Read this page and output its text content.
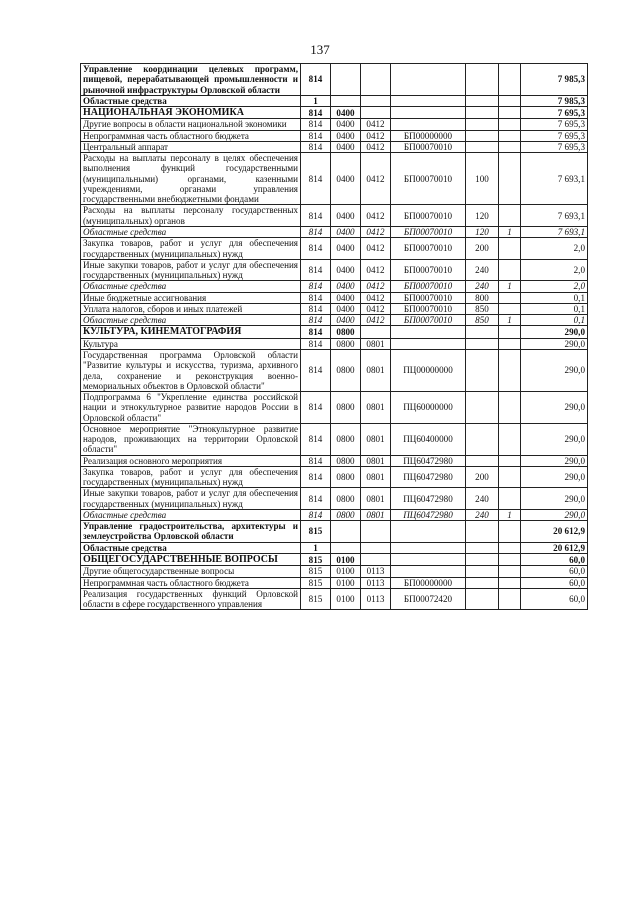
137
Управление координации целевых программ, пищевой, перерабатывающей промышленности и рыночной инфраструктуры Орловской области	814						7 985,3
Областные средства	1						7 985,3
НАЦИОНАЛЬНАЯ ЭКОНОМИКА	814	0400					7 695,3
Другие вопросы в области национальной экономики	814	0400	0412				7 695,3
Непрограммная часть областного бюджета	814	0400	0412	БП00000000			7 695,3
Центральный аппарат	814	0400	0412	БП00070010			7 695,3
Расходы на выплаты персоналу в целях обеспечения выполнения функций государственными (муниципальными) органами, казенными учреждениями, органами управления государственными внебюджетными фондами	814	0400	0412	БП00070010	100		7 693,1
Расходы на выплаты персоналу государственных (муниципальных) органов	814	0400	0412	БП00070010	120		7 693,1
Областные средства	814	0400	0412	БП00070010	120	1	7 693,1
Закупка товаров, работ и услуг для обеспечения государственных (муниципальных) нужд	814	0400	0412	БП00070010	200		2,0
Иные закупки товаров, работ и услуг для обеспечения государственных (муниципальных) нужд	814	0400	0412	БП00070010	240		2,0
Областные средства	814	0400	0412	БП00070010	240	1	2,0
Иные бюджетные ассигнования	814	0400	0412	БП00070010	800		0,1
Уплата налогов, сборов и иных платежей	814	0400	0412	БП00070010	850		0,1
Областные средства	814	0400	0412	БП00070010	850	1	0,1
КУЛЬТУРА, КИНЕМАТОГРАФИЯ	814	0800					290,0
Культура	814	0800	0801				290,0
Государственная программа Орловской области "Развитие культуры и искусства, туризма, архивного дела, сохранение и реконструкция военно-мемориальных объектов в Орловской области"	814	0800	0801	ПЦ00000000			290,0
Подпрограмма 6 "Укрепление единства российской нации и этнокультурное развитие народов России в Орловской области"	814	0800	0801	ПЦ60000000			290,0
Основное мероприятие "Этнокультурное развитие народов, проживающих на территории Орловской области"	814	0800	0801	ПЦ60400000			290,0
Реализация основного мероприятия	814	0800	0801	ПЦ60472980			290,0
Закупка товаров, работ и услуг для обеспечения государственных (муниципальных) нужд	814	0800	0801	ПЦ60472980	200		290,0
Иные закупки товаров, работ и услуг для обеспечения государственных (муниципальных) нужд	814	0800	0801	ПЦ60472980	240		290,0
Областные средства	814	0800	0801	ПЦ60472980	240	1	290,0
Управление градостроительства, архитектуры и землеустройства Орловской области	815						20 612,9
Областные средства	1						20 612,9
ОБЩЕГОСУДАРСТВЕННЫЕ ВОПРОСЫ	815	0100					60,0
Другие общегосударственные вопросы	815	0100	0113				60,0
Непрограммная часть областного бюджета	815	0100	0113	БП00000000			60,0
Реализация государственных функций Орловской области в сфере государственного управления	815	0100	0113	БП00072420			60,0
